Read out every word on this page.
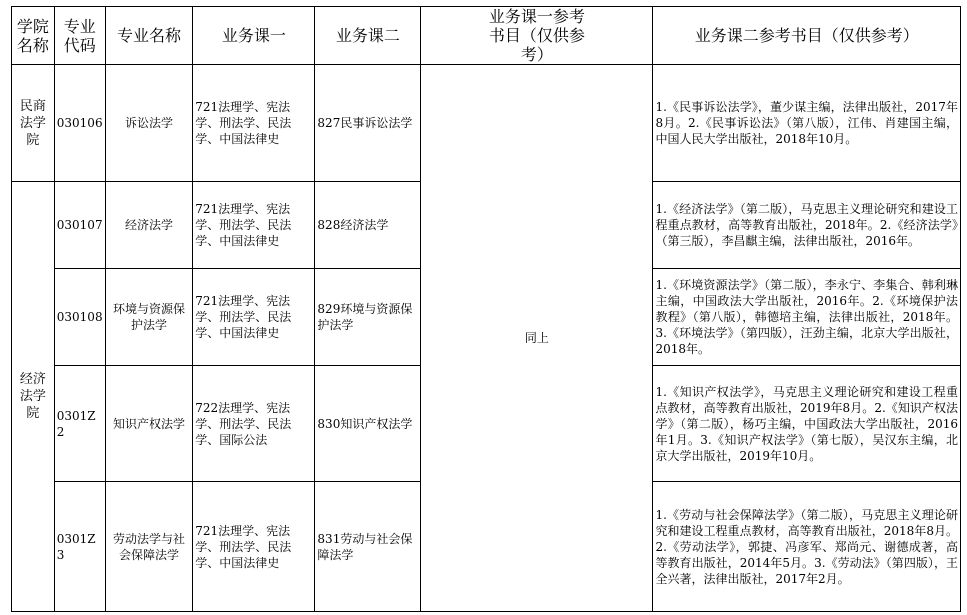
学院名称	专业代码	专业名称	业务课一	业务课二	业务课一参考书目（仅供参考）	业务课二参考书目（仅供参考）
民商法学院	030106	诉讼法学	721法理学、宪法学、刑法学、民法学、中国法律史	827民事诉讼法学	同上	1.《民事诉讼法学》，董少谋主编，法律出版社，2017年8月。2.《民事诉讼法》（第八版），江伟、肖建国主编，中国人民大学出版社，2018年10月。
经济法学院	030107	经济法学	721法理学、宪法学、刑法学、民法学、中国法律史	828经济法学		1.《经济法学》（第二版），马克思主义理论研究和建设工程重点教材，高等教育出版社，2018年。2.《经济法学》（第三版），李昌麒主编，法律出版社，2016年。
	030108	环境与资源保护法学	721法理学、宪法学、刑法学、民法学、中国法律史	829环境与资源保护法学		1.《环境资源法学》（第二版），李永宁、李集合、韩利琳主编，中国政法大学出版社，2016年。2.《环境保护法教程》（第八版），韩德培主编，法律出版社，2018年。3.《环境法学》（第四版），汪劲主编，北京大学出版社，2018年。
	0301Z2	知识产权法学	722法理学、宪法学、刑法学、民法学、国际公法	830知识产权法学		1.《知识产权法学》，马克思主义理论研究和建设工程重点教材，高等教育出版社，2019年8月。2.《知识产权法学》（第二版），杨巧主编，中国政法大学出版社，2016年1月。3.《知识产权法学》（第七版），吴汉东主编，北京大学出版社，2019年10月。
	0301Z3	劳动法学与社会保障法学	721法理学、宪法学、刑法学、民法学、中国法律史	831劳动与社会保障法学		1.《劳动与社会保障法学》（第二版），马克思主义理论研究和建设工程重点教材，高等教育出版社，2018年8月。2.《劳动法学》，郭捷、冯彦军、郑尚元、谢德成著，高等教育出版社，2014年5月。3.《劳动法》（第四版），王全兴著，法律出版社，2017年2月。
